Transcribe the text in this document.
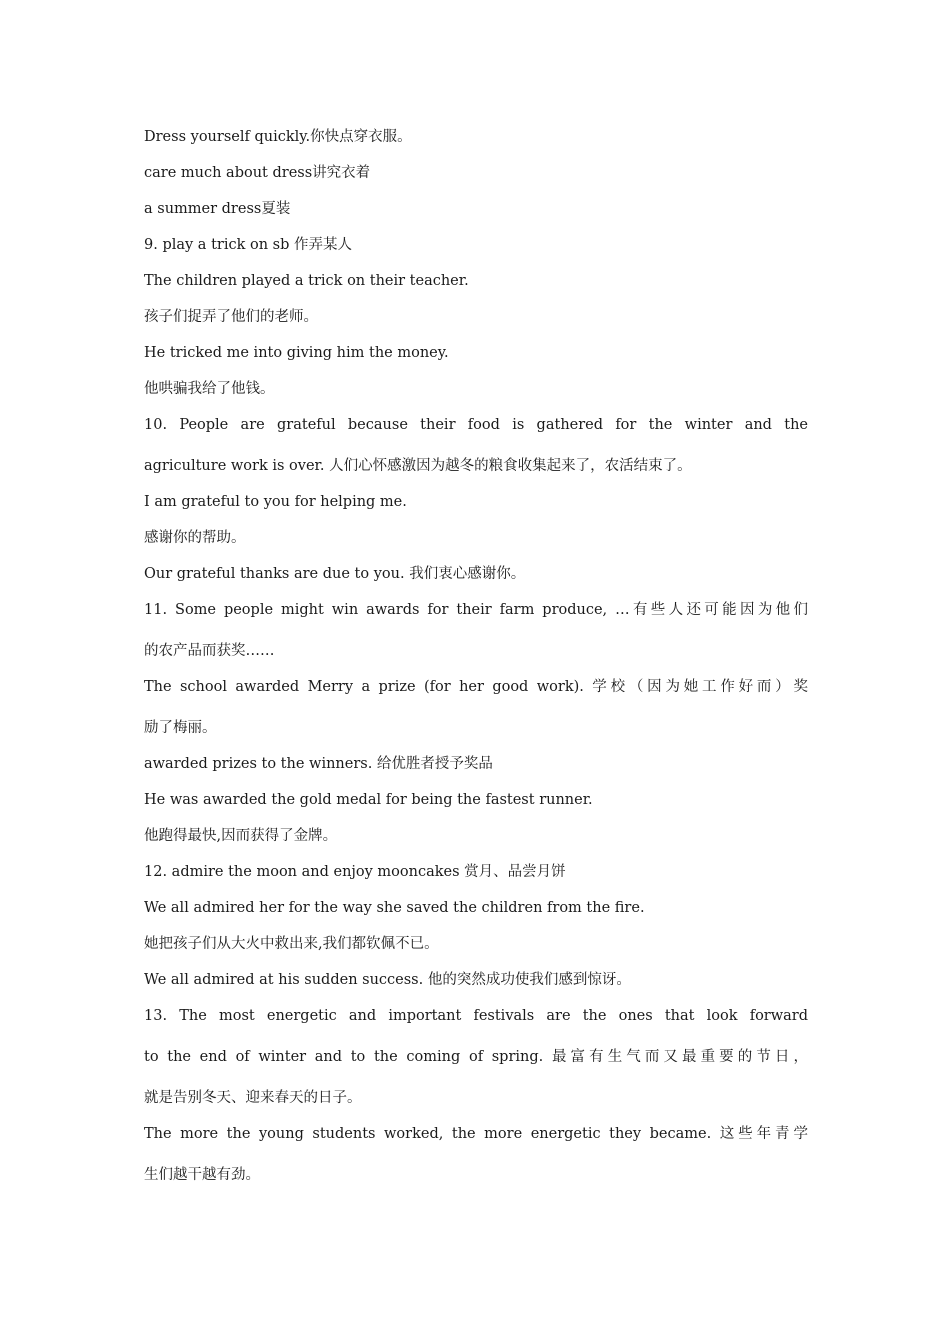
Dress yourself quickly.你快点穿衣服。
care much about dress讲究衣着
a summer dress夏装
9. play a trick on sb 作弄某人
The children played a trick on their teacher.
孩子们捉弄了他们的老师。
He tricked me into giving him the money.
他哄骗我给了他钱。
10. People are grateful because their food is gathered for the winter and the
agriculture work is over. 人们心怀感激因为越冬的粮食收集起来了，农活结束了。
I am grateful to you for helping me.
感谢你的帮助。
Our grateful thanks are due to you. 我们衷心感谢你。
11. Some people might win awards for their farm produce, …有些人还可能因为他们
的农产品而获奖……
The school awarded Merry a prize (for her good work). 学校（因为她工作好而）奖
励了梅丽。
awarded prizes to the winners. 给优胜者授予奖品
He was awarded the gold medal for being the fastest runner.
他跑得最快,因而获得了金牌。
12. admire the moon and enjoy mooncakes 赏月、品尝月饼
We all admired her for the way she saved the children from the fire.
她把孩子们从大火中救出来,我们都钦佩不已。
We all admired at his sudden success. 他的突然成功使我们感到惊讶。
13. The most energetic and important festivals are the ones that look forward
to the end of winter and to the coming of spring. 最富有生气而又最重要的节日，
就是告别冬天、迎来春天的日子。
The more the young students worked, the more energetic they became. 这些年青学
生们越干越有劲。
